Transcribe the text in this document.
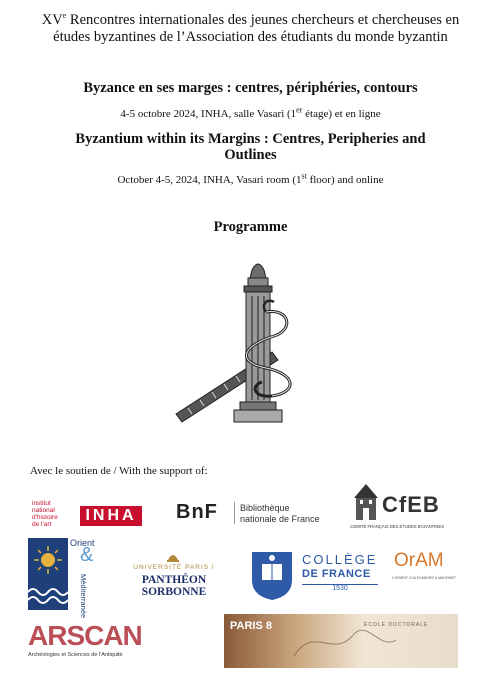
XVe Rencontres internationales des jeunes chercheurs et chercheuses en
études byzantines de l’Association des étudiants du monde byzantin
Byzance en ses marges : centres, périphéries, contours
4-5 octobre 2024, INHA, salle Vasari (1er étage) et en ligne
Byzantium within its Margins : Centres, Peripheries and
Outlines
October 4-5, 2024, INHA, Vasari room (1st floor) and online
Programme
Avec le soutien de / With the support of:
institut
national
d'histoire
de l'art
INHA BnF Bibliothèque
nationale de France
CfEB
COMITÉ FRANÇAIS DES ÉTUDES BYZANTINES
Orient
&
Méditerranée
UNIVERSITÉ PARIS I
PANTHÉON SORBONNE
COLLÈGE
DE FRANCE
1530
OrAM
L'ORIENT, D'ALEXANDRE À MAHOMET
ARSCAN
Archéologies et Sciences de l'Antiquité
PARIS 8	ÉCOLE DOCTORALE
